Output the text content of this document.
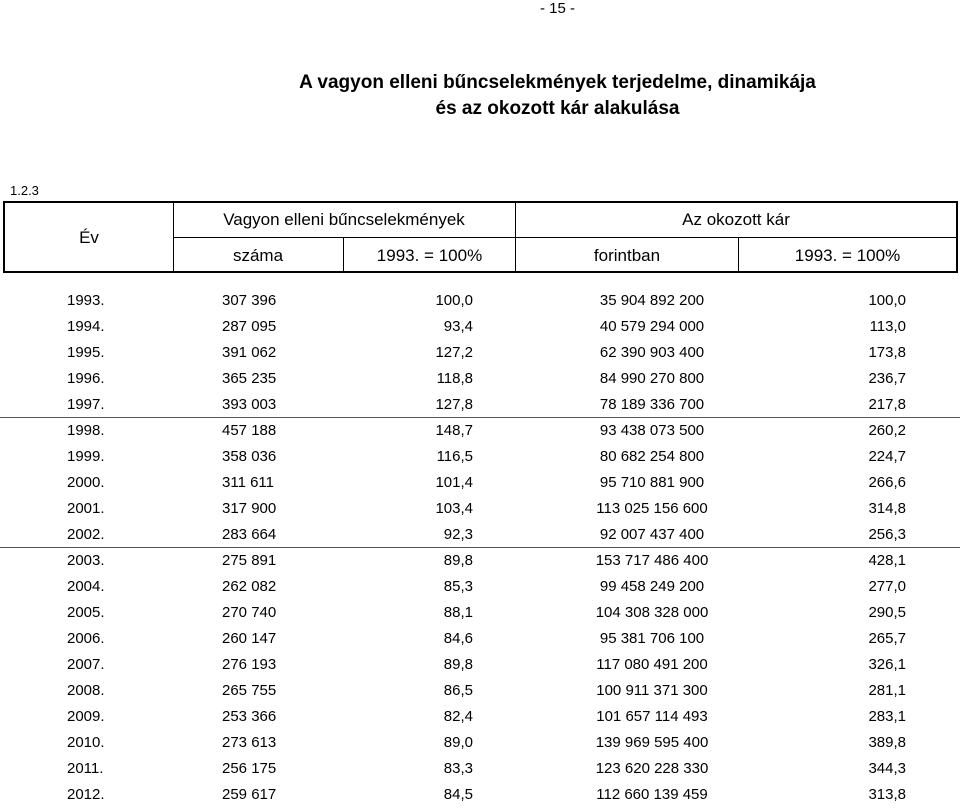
- 15 -
A vagyon elleni bűncselekmények terjedelme, dinamikája
és az okozott kár alakulása
1.2.3
Év
Vagyon elleni bűncselekmények	Az okozott kár
száma	1993. = 100%	forintban	1993. = 100%
1993.	307 396	100,0	35 904 892 200	100,0
1994.	287 095	93,4	40 579 294 000	113,0
1995.	391 062	127,2	62 390 903 400	173,8
1996.	365 235	118,8	84 990 270 800	236,7
1997.	393 003	127,8	78 189 336 700	217,8
1998.	457 188	148,7	93 438 073 500	260,2
1999.	358 036	116,5	80 682 254 800	224,7
2000.	311 611	101,4	95 710 881 900	266,6
2001.	317 900	103,4	113 025 156 600	314,8
2002.	283 664	92,3	92 007 437 400	256,3
2003.	275 891	89,8	153 717 486 400	428,1
2004.	262 082	85,3	99 458 249 200	277,0
2005.	270 740	88,1	104 308 328 000	290,5
2006.	260 147	84,6	95 381 706 100	265,7
2007.	276 193	89,8	117 080 491 200	326,1
2008.	265 755	86,5	100 911 371 300	281,1
2009.	253 366	82,4	101 657 114 493	283,1
2010.	273 613	89,0	139 969 595 400	389,8
2011.	256 175	83,3	123 620 228 330	344,3
2012.	259 617	84,5	112 660 139 459	313,8
